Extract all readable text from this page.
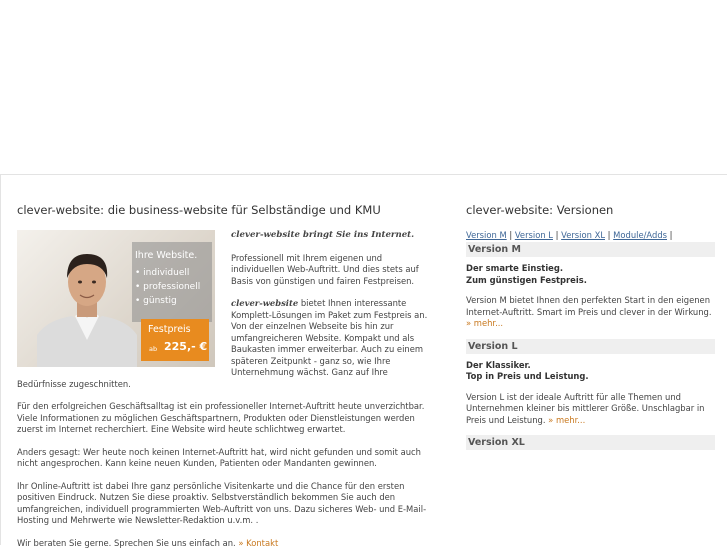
clever-website: die business-website für Selbständige und KMU
Ihre Website.
• individuell
• professionell
• günstig
Festpreis
ab 225,- €

clever-website bringt Sie ins Internet.

Professionell mit Ihrem eigenen und individuellen Web-Auftritt. Und dies stets auf Basis von günstigen und fairen Festpreisen.

clever-website bietet Ihnen interessante Komplett-Lösungen im Paket zum Festpreis an. Von der einzelnen Webseite bis hin zur umfangreicheren Website. Kompakt und als Baukasten immer erweiterbar. Auch zu einem späteren Zeitpunkt - ganz so, wie Ihre Unternehmung wächst. Ganz auf Ihre Bedürfnisse zugeschnitten.

Für den erfolgreichen Geschäftsalltag ist ein professioneller Internet-Auftritt heute unverzichtbar. Viele Informationen zu möglichen Geschäftspartnern, Produkten oder Dienstleistungen werden zuerst im Internet recherchiert. Eine Website wird heute schlichtweg erwartet.

Anders gesagt: Wer heute noch keinen Internet-Auftritt hat, wird nicht gefunden und somit auch nicht angesprochen. Kann keine neuen Kunden, Patienten oder Mandanten gewinnen.

Ihr Online-Auftritt ist dabei Ihre ganz persönliche Visitenkarte und die Chance für den ersten positiven Eindruck. Nutzen Sie diese proaktiv. Selbstverständlich bekommen Sie auch den umfangreichen, individuell programmierten Web-Auftritt von uns. Dazu sicheres Web- und E-Mail-Hosting und Mehrwerte wie Newsletter-Redaktion u.v.m. .

Wir beraten Sie gerne. Sprechen Sie uns einfach an. » Kontakt

clever-website: Versionen
Version M | Version L | Version XL | Module/Adds |
Version M

Der smarte Einstieg.
Zum günstigen Festpreis.

Version M bietet Ihnen den perfekten Start in den eigenen Internet-Auftritt. Smart im Preis und clever in der Wirkung. » mehr...

Version L

Der Klassiker.
Top in Preis und Leistung.

Version L ist der ideale Auftritt für alle Themen und Unternehmen kleiner bis mittlerer Größe. Unschlagbar in Preis und Leistung. » mehr...

Version XL
